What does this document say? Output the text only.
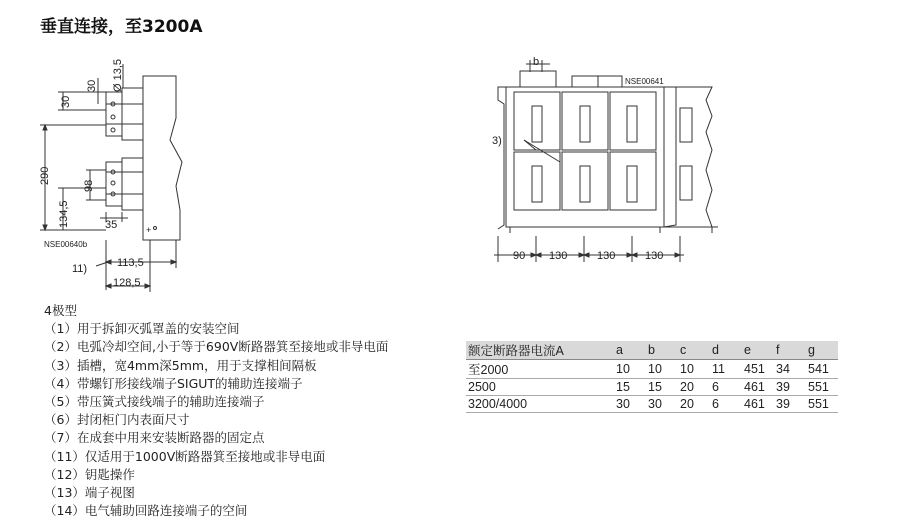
垂直连接，至3200A
+
30
30 Ø 13,5
290
98
134,5	35
NSE00640b
11)	113,5
128,5
b
NSE00641
3)
90 130	130	130
4极型
（1）用于拆卸灭弧罩盖的安装空间
（2）电弧冷却空间,小于等于690V断路器箕至接地或非导电面
（3）插槽，宽4mm深5mm，用于支撑相间隔板
（4）带螺钉形接线端子SIGUT的辅助连接端子
（5）带压簧式接线端子的辅助连接端子
（6）封闭柜门内表面尺寸
（7）在成套中用来安装断路器的固定点
（11）仅适用于1000V断路器箕至接地或非导电面
（12）钥匙操作
（13）端子视图
（14）电气辅助回路连接端子的空间
额定断路器电流A	a	b	c	d	e	f	g
至2000	10	10	10	11	451	34	541
2500	15	15	20	6	461	39	551
3200/4000	30	30	20	6	461	39	551
